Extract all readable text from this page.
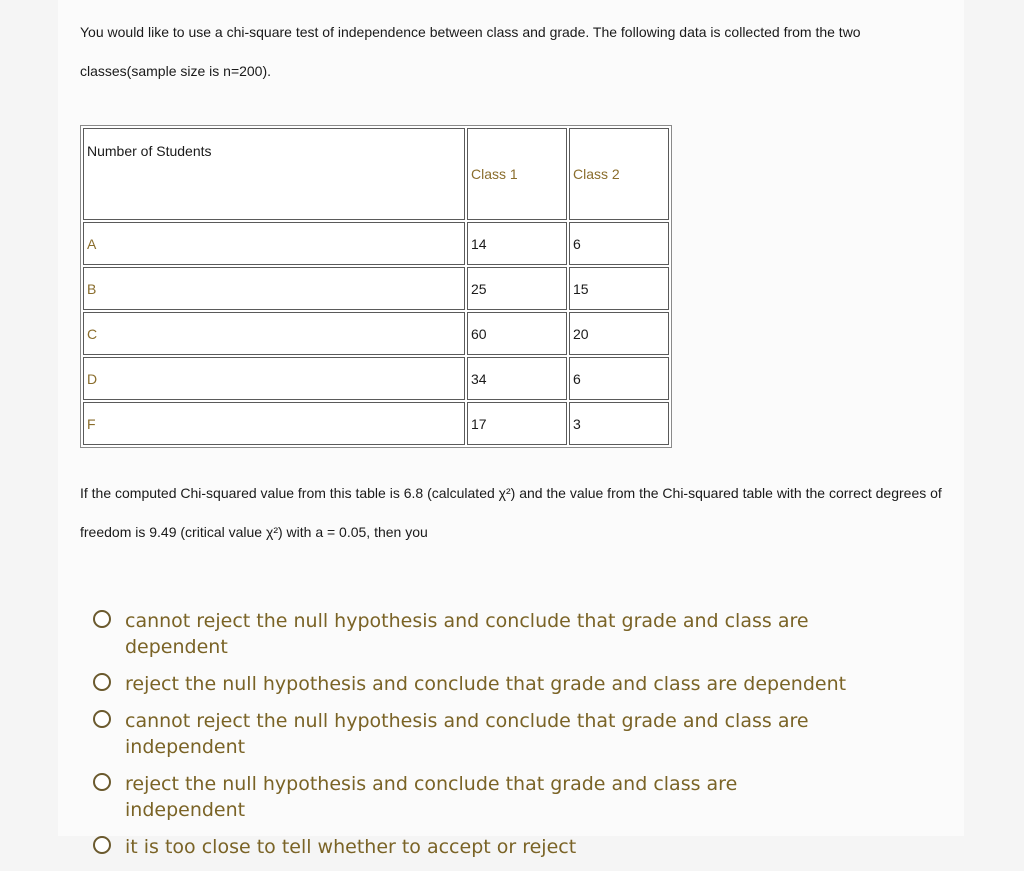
You would like to use a chi-square test of independence between class and grade. The following data is collected from the two classes(sample size is n=200).

Number of Students	Class 1	Class 2
A	14	6
B	25	15
C	60	20
D	34	6
F	17	3

If the computed Chi-squared value from this table is 6.8 (calculated χ²) and the value from the Chi-squared table with the correct degrees of freedom is 9.49 (critical value χ²) with a = 0.05, then you

cannot reject the null hypothesis and conclude that grade and class are dependent
reject the null hypothesis and conclude that grade and class are dependent
cannot reject the null hypothesis and conclude that grade and class are independent
reject the null hypothesis and conclude that grade and class are independent
it is too close to tell whether to accept or reject
